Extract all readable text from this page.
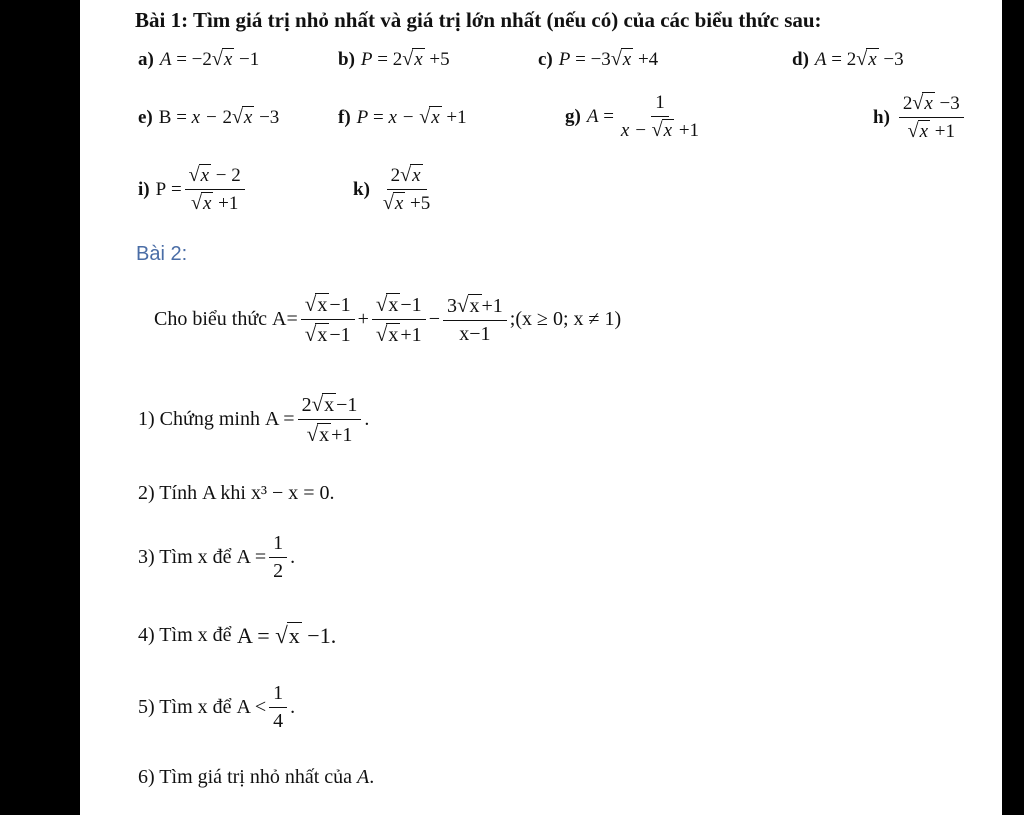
Bài 1: Tìm giá trị nhỏ nhất và giá trị lớn nhất (nếu có) của các biểu thức sau:
a) A
=
−2 √x
−1	b) P
=
2 √x
+5	c) P
=
−3 √x
+4	d) A
=
2 √x
−3
e) B
=
x −
2 √x
−3	f) P
=
x −
√x
+1	g) A
= $\frac{1}{x - √x +1}$	$h) \frac{2√x -3}{√x +1}$
i) P
= $\frac{√x - 2}{√x +1}$	$k) \frac{2√x}{√x +5}$
Bài 2:
Cho biểu thức
$A = \frac{√x -1}{√x -1} + \frac{√x -1}{√x +1} - \frac{3√x +1}{x-1}$ ;(x ≥ 0; x ≠ 1)
1) Chứng minh
$A = \frac{2√x -1}{√x +1}$ .
2) Tính
A khi x³ − x = 0.
3) Tìm x để
$A = \frac{1}{2}$ .
4) Tìm x để
A =
√x
−1 .
5) Tìm x để
$A < \frac{1}{4}$ .
6) Tìm giá trị nhỏ nhất của
A .
